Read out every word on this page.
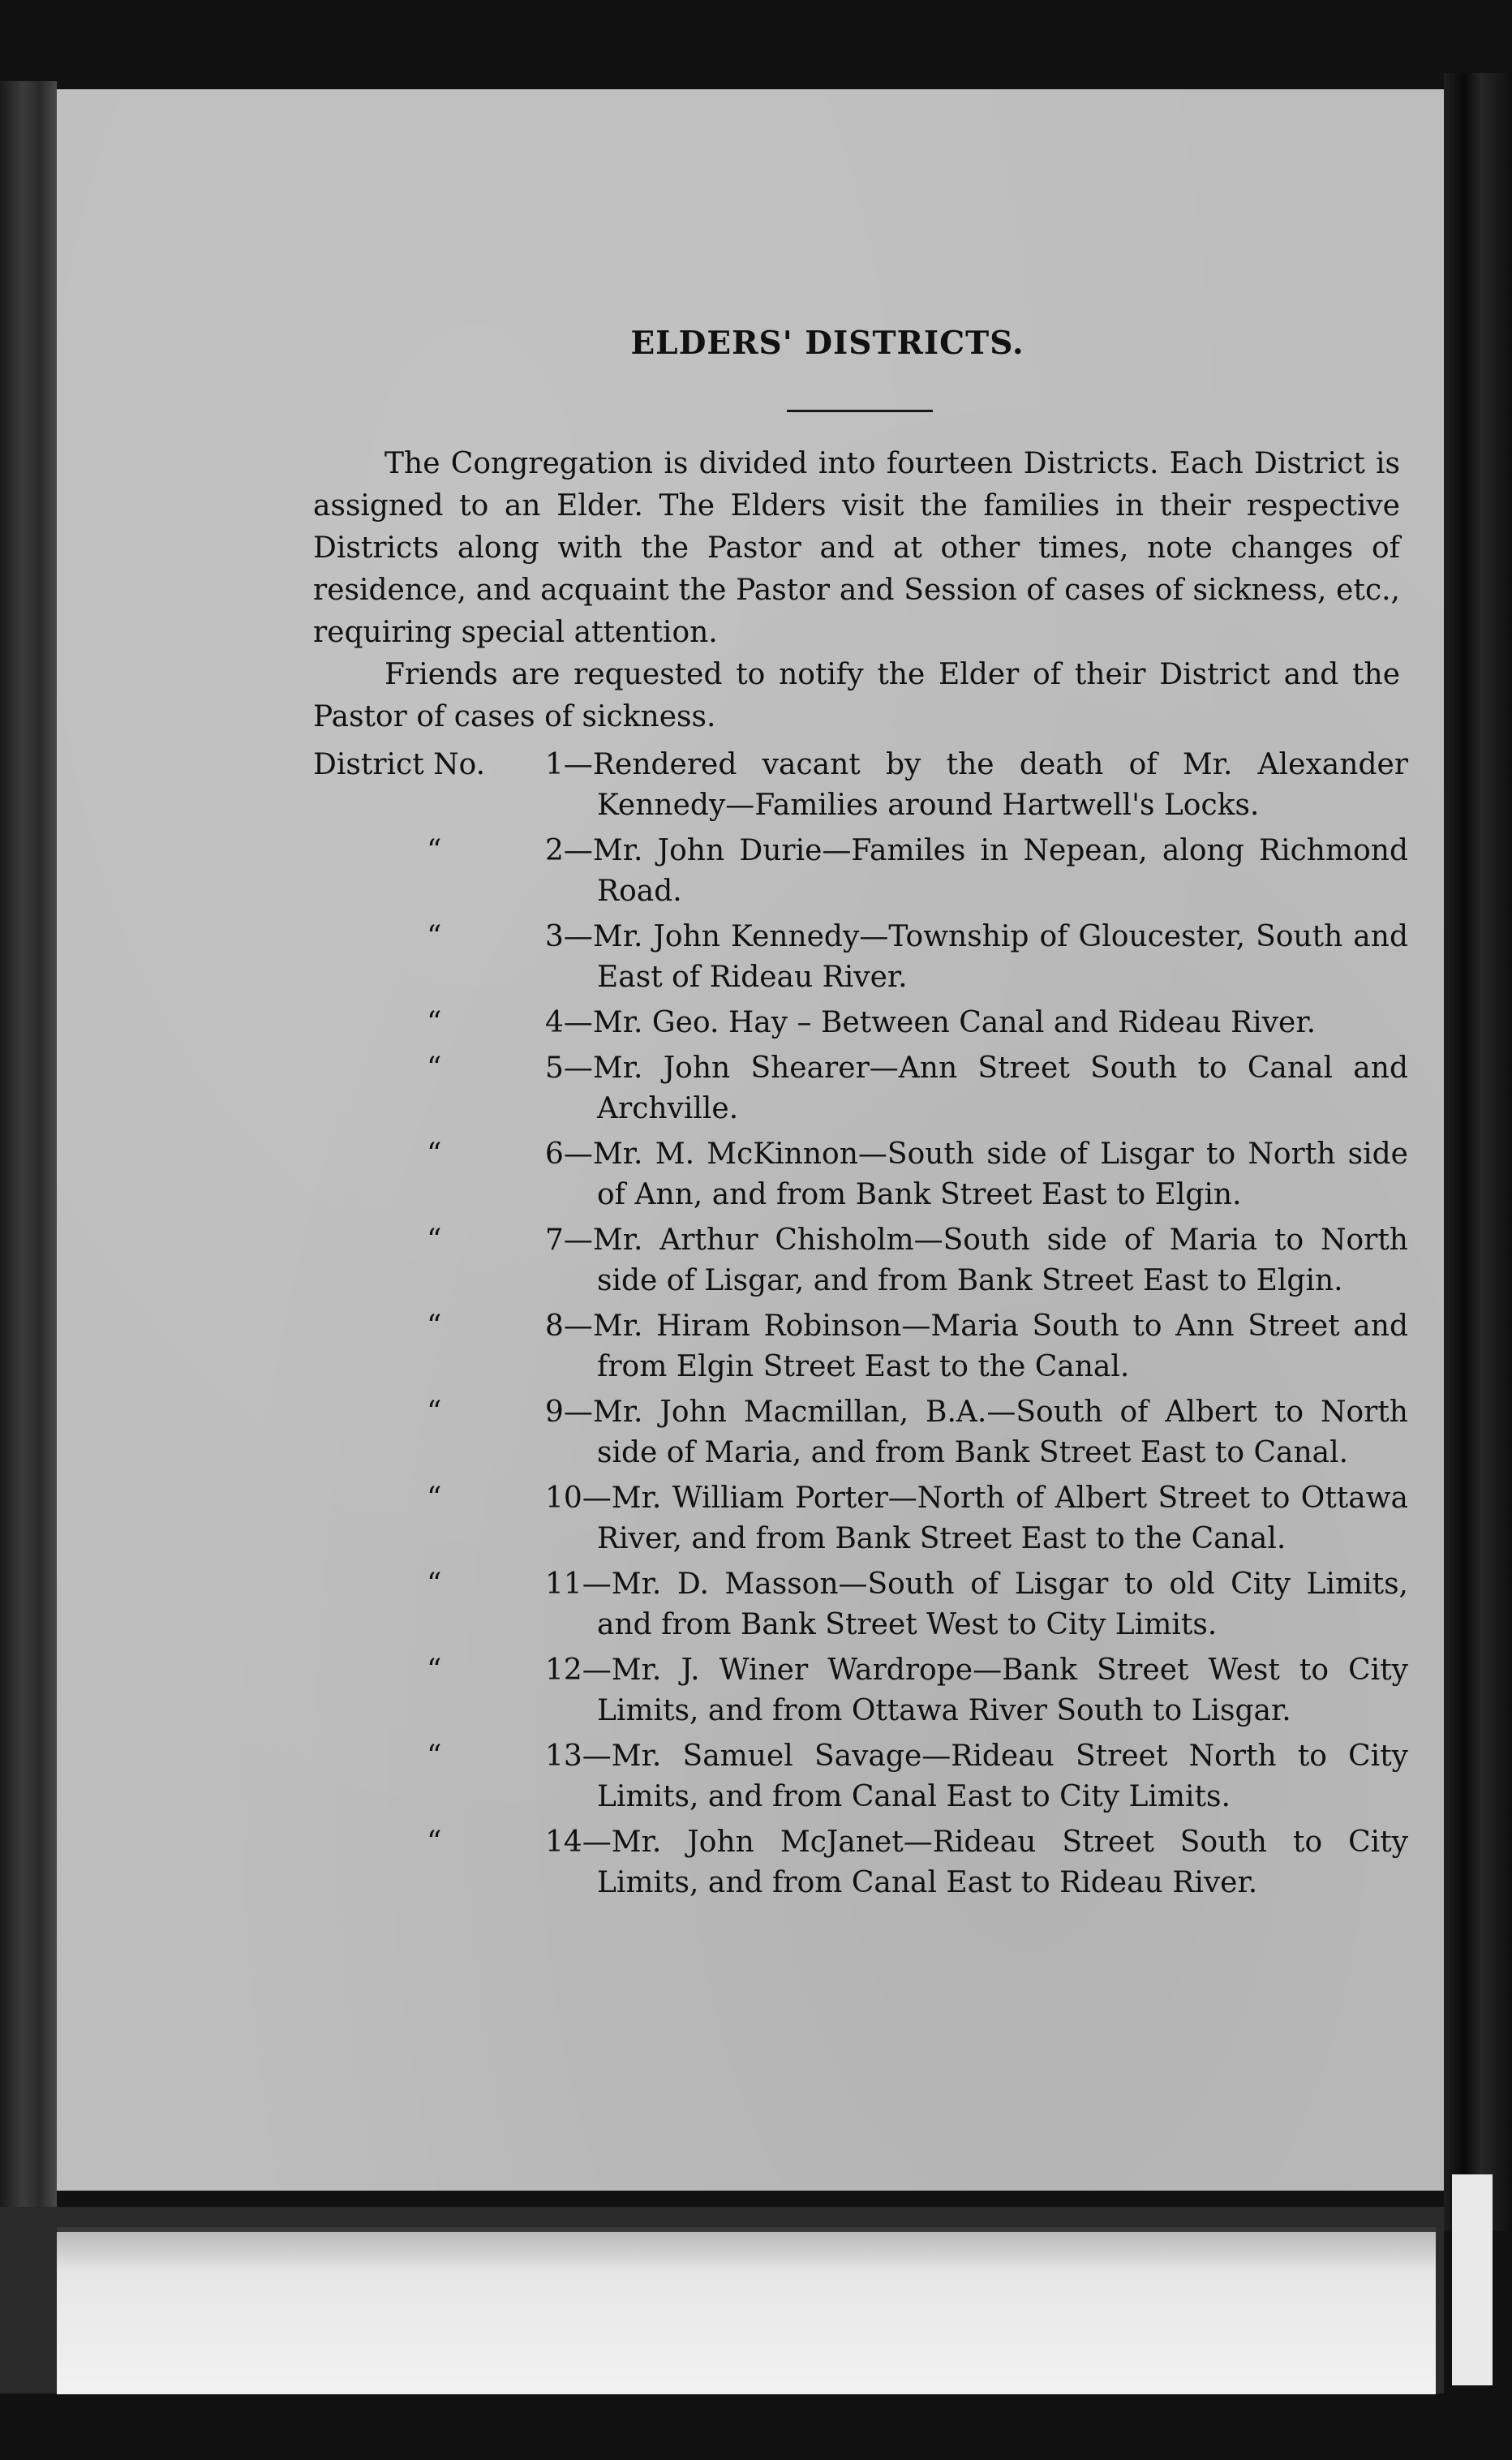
ELDERS' DISTRICTS.

The Congregation is divided into fourteen Districts. Each District is assigned to an Elder. The Elders visit the families in their respective Districts along with the Pastor and at other times, note changes of residence, and acquaint the Pastor and Session of cases of sickness, etc., requiring special attention.

Friends are requested to notify the Elder of their District and the Pastor of cases of sickness.

District No.	1—Rendered vacant by the death of Mr. Alexander Kennedy—Families around Hartwell's Locks.
“	2—Mr. John Durie—Familes in Nepean, along Richmond Road.
“	3—Mr. John Kennedy—Township of Gloucester, South and East of Rideau River.
“	4—Mr. Geo. Hay – Between Canal and Rideau River.
“	5—Mr. John Shearer—Ann Street South to Canal and Archville.
“	6—Mr. M. McKinnon—South side of Lisgar to North side of Ann, and from Bank Street East to Elgin.
“	7—Mr. Arthur Chisholm—South side of Maria to North side of Lisgar, and from Bank Street East to Elgin.
“	8—Mr. Hiram Robinson—Maria South to Ann Street and from Elgin Street East to the Canal.
“	9—Mr. John Macmillan, B.A.—South of Albert to North side of Maria, and from Bank Street East to Canal.
“	10—Mr. William Porter—North of Albert Street to Ottawa River, and from Bank Street East to the Canal.
“	11—Mr. D. Masson—South of Lisgar to old City Limits, and from Bank Street West to City Limits.
“	12—Mr. J. Winer Wardrope—Bank Street West to City Limits, and from Ottawa River South to Lisgar.
“	13—Mr. Samuel Savage—Rideau Street North to City Limits, and from Canal East to City Limits.
“	14—Mr. John McJanet—Rideau Street South to City Limits, and from Canal East to Rideau River.
